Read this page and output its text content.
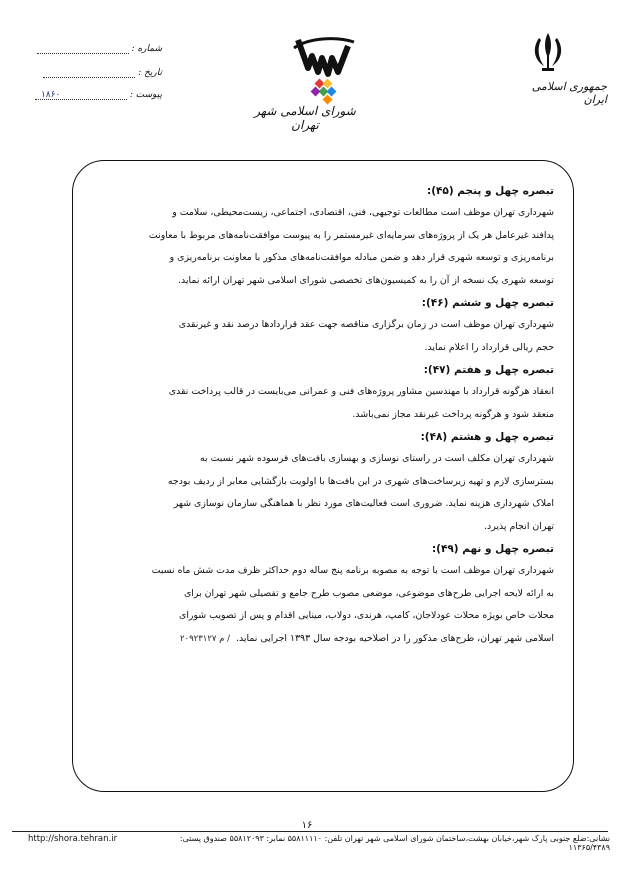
جمهوری اسلامی ایران
شورای اسلامی شهر تهران
شماره :
تاریخ :
پیوست :
۱۸۶۰
تبصره چهل و پنجم (۴۵):
شهرداری تهران موظف است مطالعات توجیهی، فنی، اقتصادی، اجتماعی، زیست‌محیطی، سلامت و
پدافند غیرعامل هر یک از پروژه‌های سرمایه‌ای غیرمستمر را به پیوست موافقت‌نامه‌های مربوط با معاونت
برنامه‌ریزی و توسعه شهری قرار دهد و ضمن مبادله موافقت‌نامه‌های مذکور با معاونت برنامه‌ریزی و
توسعه شهری یک نسخه از آن را به کمیسیون‌های تخصصی شورای اسلامی شهر تهران ارائه نماید.
تبصره چهل و ششم (۴۶):
شهرداری تهران موظف است در زمان برگزاری مناقصه جهت عقد قراردادها درصد نقد و غیرنقدی
حجم ریالی قرارداد را اعلام نماید.
تبصره چهل و هفتم (۴۷):
انعقاد هرگونه قرارداد با مهندسین مشاور پروژه‌های فنی و عمرانی می‌بایست در قالب پرداخت نقدی
منعقد شود و هرگونه پرداخت غیرنقد مجاز نمی‌باشد.
تبصره چهل و هشتم (۴۸):
شهرداری تهران مکلف است در راستای نوسازی و بهسازی بافت‌های فرسوده شهر نسبت به
بسترسازی لازم و تهیه زیرساخت‌های شهری در این بافت‌ها با اولویت بازگشایی معابر از ردیف بودجه
املاک شهرداری هزینه نماید. ضروری است فعالیت‌های مورد نظر با هماهنگی سازمان نوسازی شهر
تهران انجام پذیرد.
تبصره چهل و نهم (۴۹):
شهرداری تهران موظف است با توجه به مصوبه برنامه پنج ساله دوم حداکثر ظرف مدت شش ماه نسبت
به ارائه لایحه اجرایی طرح‌های موضوعی، موضعی مصوب طرح جامع و تفصیلی شهر تهران برای
محلات خاص بویژه محلات عودلاجان، کامپ، هرندی، دولاب، مینایی اقدام و پس از تصویب شورای
اسلامی شهر تهران، طرح‌های مذکور را در اصلاحیه بودجه سال ۱۳۹۳ اجرایی نماید./ م ۲۰۹۲۳۱۲۷
۱۶
نشانی:ضلع جنوبی پارک شهر،خیابان بهشت،ساختمان شورای اسلامی شهر تهران تلفن: ۵۵۸۱۱۱۱۰ نمابر: ۵۵۸۱۲۰۹۳ صندوق پستی: ۱۱۳۶۵/۴۳۸۹
http://shora.tehran.ir
